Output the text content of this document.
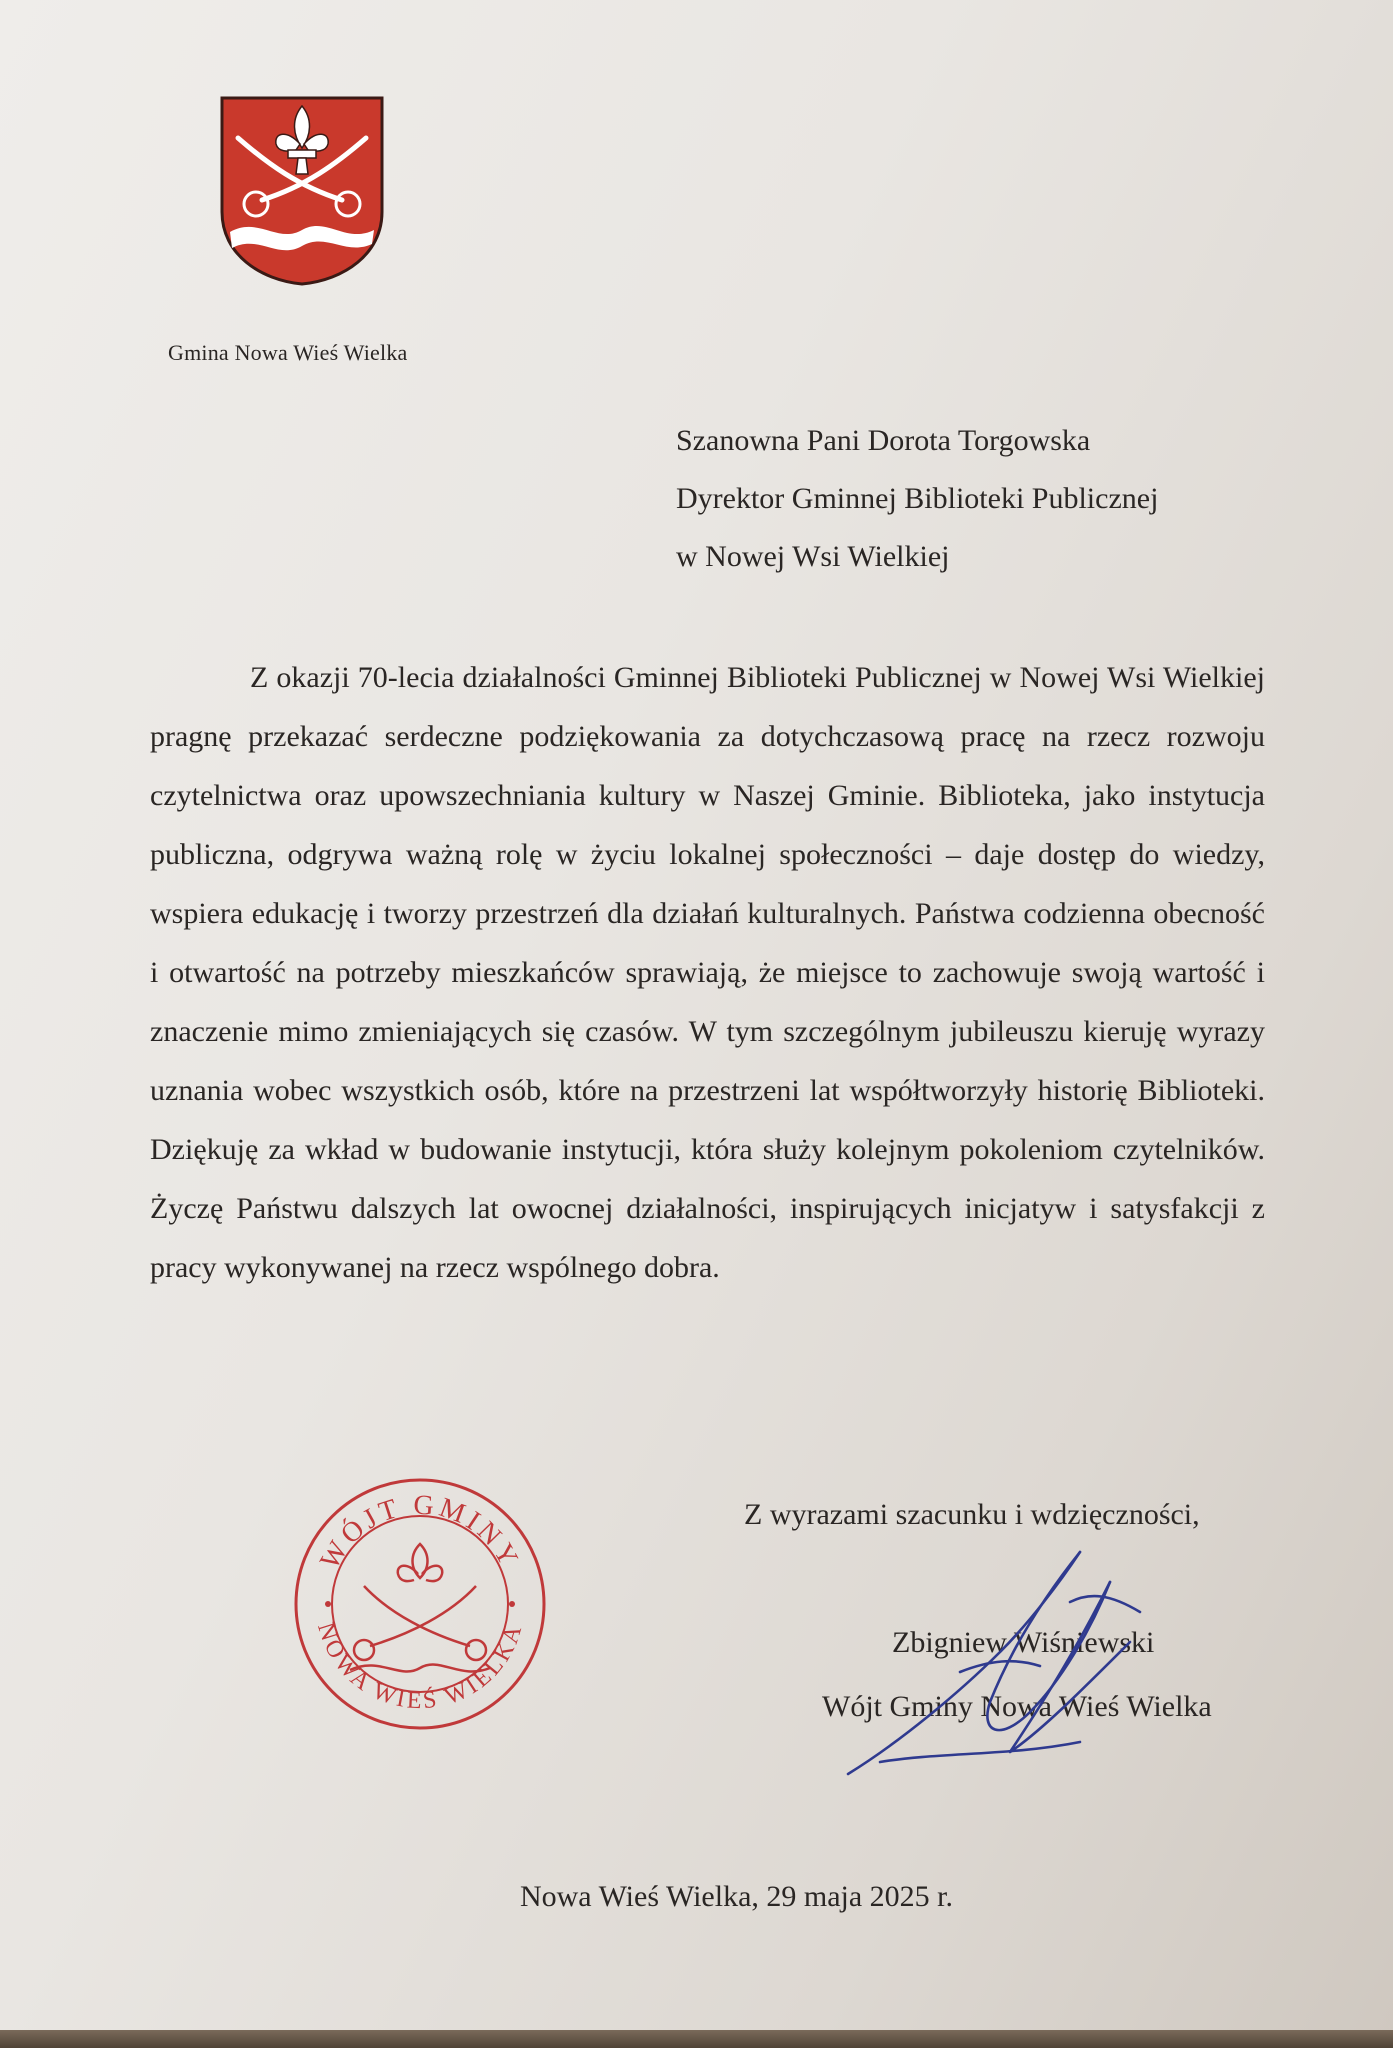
Gmina Nowa Wieś Wielka
Szanowna Pani Dorota Torgowska
Dyrektor Gminnej Biblioteki Publicznej
w Nowej Wsi Wielkiej

Z okazji 70-lecia działalności Gminnej Biblioteki Publicznej w Nowej Wsi Wielkiej pragnę przekazać serdeczne podziękowania za dotychczasową pracę na rzecz rozwoju czytelnictwa oraz upowszechniania kultury w Naszej Gminie. Biblioteka, jako instytucja publiczna, odgrywa ważną rolę w życiu lokalnej społeczności – daje dostęp do wiedzy, wspiera edukację i tworzy przestrzeń dla działań kulturalnych. Państwa codzienna obecność i otwartość na potrzeby mieszkańców sprawiają, że miejsce to zachowuje swoją wartość i znaczenie mimo zmieniających się czasów. W tym szczególnym jubileuszu kieruję wyrazy uznania wobec wszystkich osób, które na przestrzeni lat współtworzyły historię Biblioteki. Dziękuję za wkład w budowanie instytucji, która służy kolejnym pokoleniom czytelników. Życzę Państwu dalszych lat owocnej działalności, inspirujących inicjatyw i satysfakcji z pracy wykonywanej na rzecz wspólnego dobra.

WÓJT GMINY
NOWA WIEŚ WIELKA
Z wyrazami szacunku i wdzięczności,
Zbigniew Wiśniewski
Wójt Gminy Nowa Wieś Wielka
Nowa Wieś Wielka, 29 maja 2025 r.
